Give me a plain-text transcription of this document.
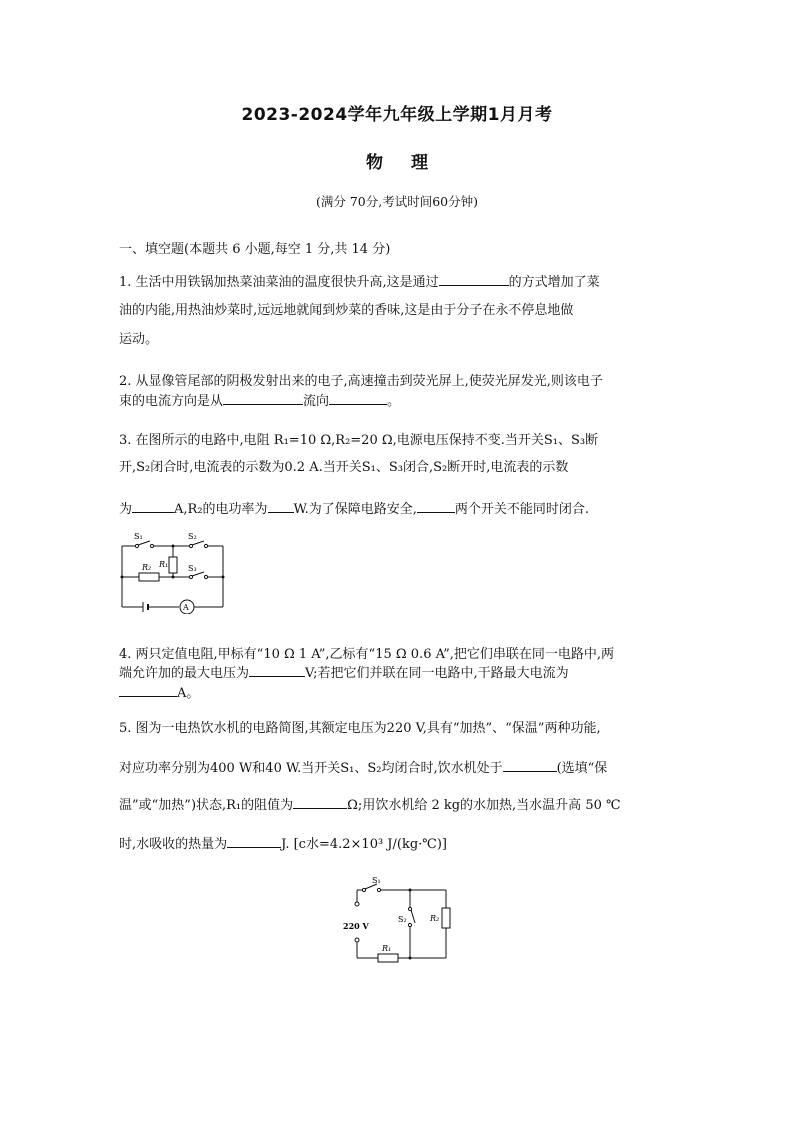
2023-2024学年九年级上学期1月月考
物 理
(满分 70分,考试时间60分钟)
一、填空题(本题共 6 小题,每空 1 分,共 14 分)
1. 生活中用铁锅加热菜油菜油的温度很快升高,这是通过	的方式增加了菜
油的内能,用热油炒菜时,远远地就闻到炒菜的香味,这是由于分子在永不停息地做
运动。
2. 从显像管尾部的阴极发射出来的电子,高速撞击到荧光屏上,使荧光屏发光,则该电子
束的电流方向是从	流向	。
3. 在图所示的电路中,电阻 R₁=10 Ω,R₂=20 Ω,电源电压保持不变.当开关S₁、S₃断
开,S₂闭合时,电流表的示数为0.2 A.当开关S₁、S₃闭合,S₂断开时,电流表的示数
为	A,R₂的电功率为 W.为了保障电路安全,	两个开关不能同时闭合.
S₁	S₂
S₃
R₁
R₂
A
4. 两只定值电阻,甲标有“10 Ω 1 A”,乙标有“15 Ω 0.6 A”,把它们串联在同一电路中,两
端允许加的最大电压为	V;若把它们并联在同一电路中,干路最大电流为
A。
5. 图为一电热饮水机的电路简图,其额定电压为220 V,具有“加热”、“保温”两种功能,
对应功率分别为400 W和40 W.当开关S₁、S₂均闭合时,饮水机处于	(选填“保
温”或“加热”)状态,R₁的阻值为	Ω;用饮水机给 2 kg的水加热,当水温升高 50 ℃
时,水吸收的热量为	J. [c水=4.2×10³ J/(kg·℃)]
S₁
S₂	R₂
R₁
220 V
